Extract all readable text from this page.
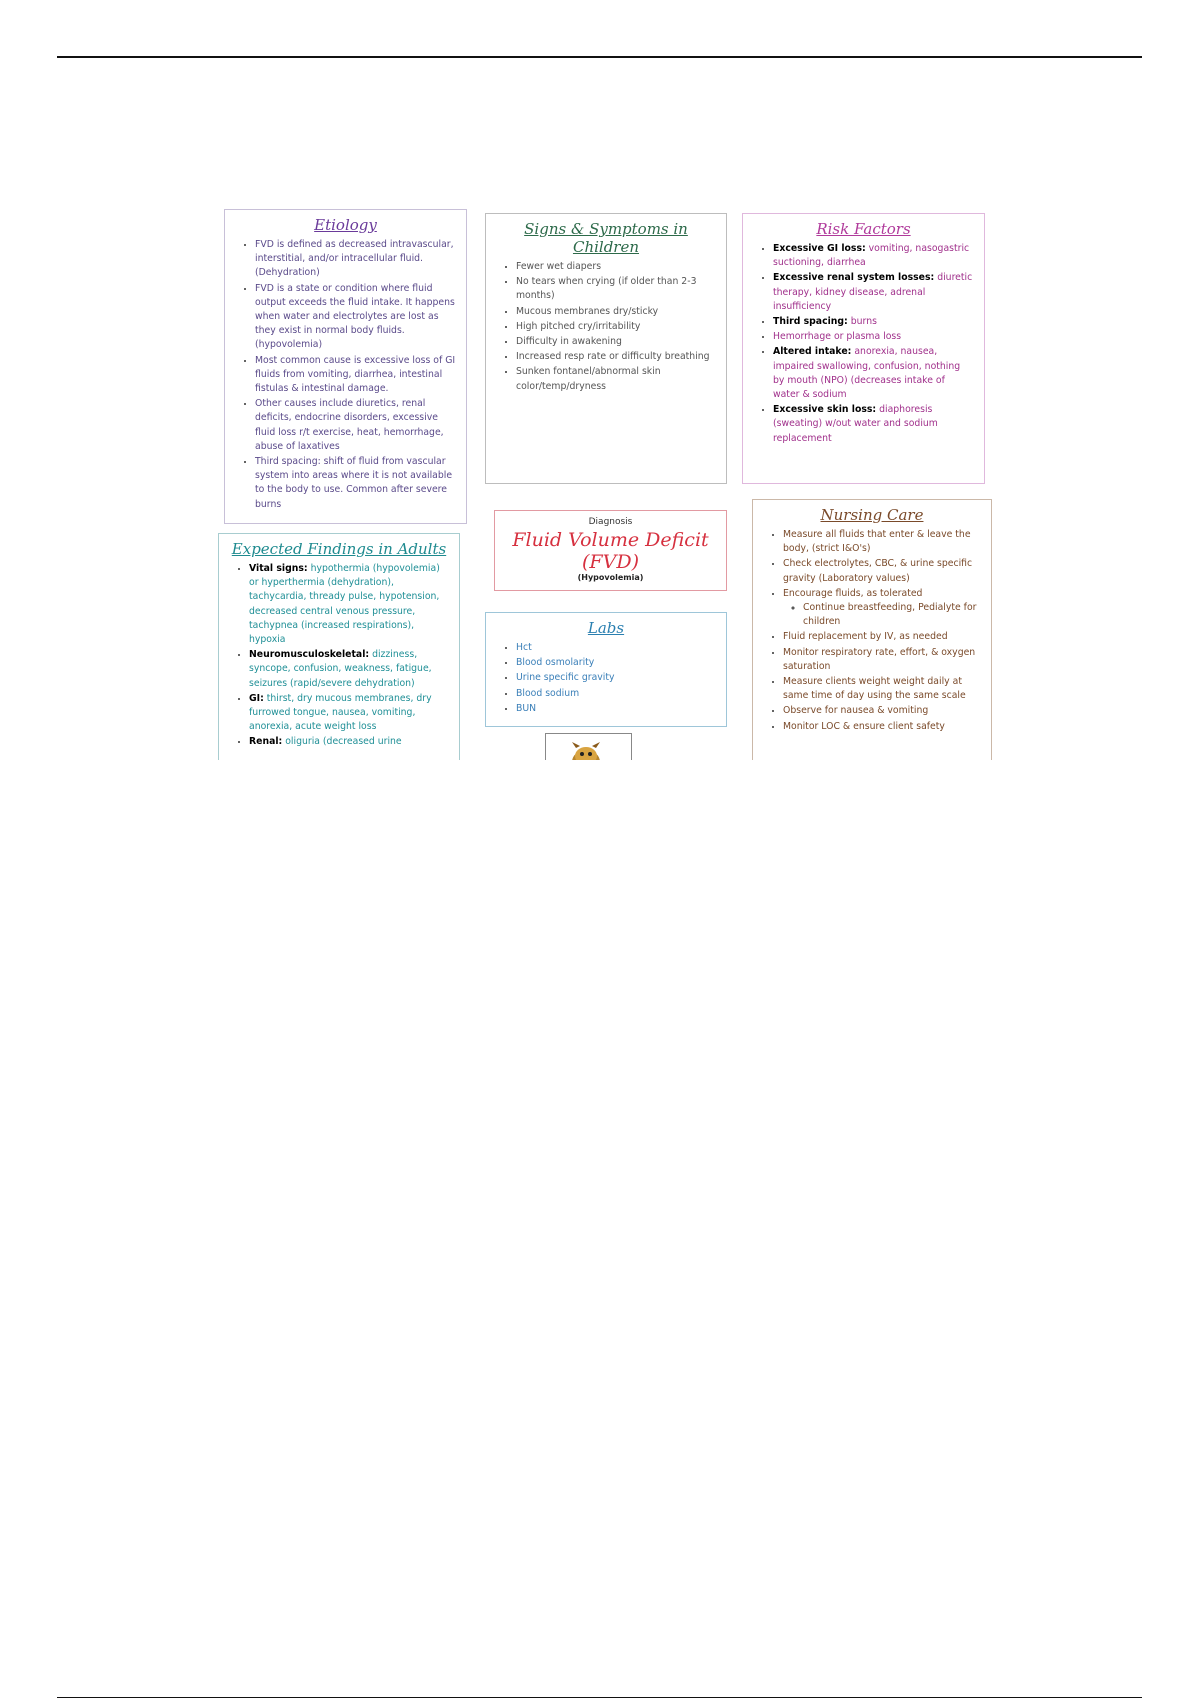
Etiology
• FVD is defined as decreased intravascular, interstitial, and/or intracellular fluid. (Dehydration)
• FVD is a state or condition where fluid output exceeds the fluid intake. It happens when water and electrolytes are lost as they exist in normal body fluids. (hypovolemia)
• Most common cause is excessive loss of GI fluids from vomiting, diarrhea, intestinal fistulas & intestinal damage.
• Other causes include diuretics, renal deficits, endocrine disorders, excessive fluid loss r/t exercise, heat, hemorrhage, abuse of laxatives
• Third spacing: shift of fluid from vascular system into areas where it is not available to the body to use. Common after severe burns
Signs & Symptoms in Children
• Fewer wet diapers
• No tears when crying (if older than 2-3 months)
• Mucous membranes dry/sticky
• High pitched cry/irritability
• Difficulty in awakening
• Increased resp rate or difficulty breathing
• Sunken fontanel/abnormal skin color/temp/dryness
Risk Factors
• Excessive GI loss: vomiting, nasogastric suctioning, diarrhea
• Excessive renal system losses: diuretic therapy, kidney disease, adrenal insufficiency
• Third spacing: burns
• Hemorrhage or plasma loss
• Altered intake: anorexia, nausea, impaired swallowing, confusion, nothing by mouth (NPO) (decreases intake of water & sodium
• Excessive skin loss: diaphoresis (sweating) w/out water and sodium replacement
Expected Findings in Adults
• Vital signs: hypothermia (hypovolemia) or hyperthermia (dehydration), tachycardia, thready pulse, hypotension, decreased central venous pressure, tachypnea (increased respirations), hypoxia
• Neuromusculoskeletal: dizziness, syncope, confusion, weakness, fatigue, seizures (rapid/severe dehydration)
• GI: thirst, dry mucous membranes, dry furrowed tongue, nausea, vomiting, anorexia, acute weight loss
• Renal: oliguria (decreased urine
Diagnosis
Fluid Volume Deficit (FVD)
(Hypovolemia)
Labs
• Hct
• Blood osmolarity
• Urine specific gravity
• Blood sodium
• BUN
Nursing Care
• Measure all fluids that enter & leave the body, (strict I&O's)
• Check electrolytes, CBC, & urine specific gravity (Laboratory values)
• Encourage fluids, as tolerated
◦ Continue breastfeeding, Pedialyte for children
• Fluid replacement by IV, as needed
• Monitor respiratory rate, effort, & oxygen saturation
• Measure clients weight weight daily at same time of day using the same scale
• Observe for nausea & vomiting
• Monitor LOC & ensure client safety
